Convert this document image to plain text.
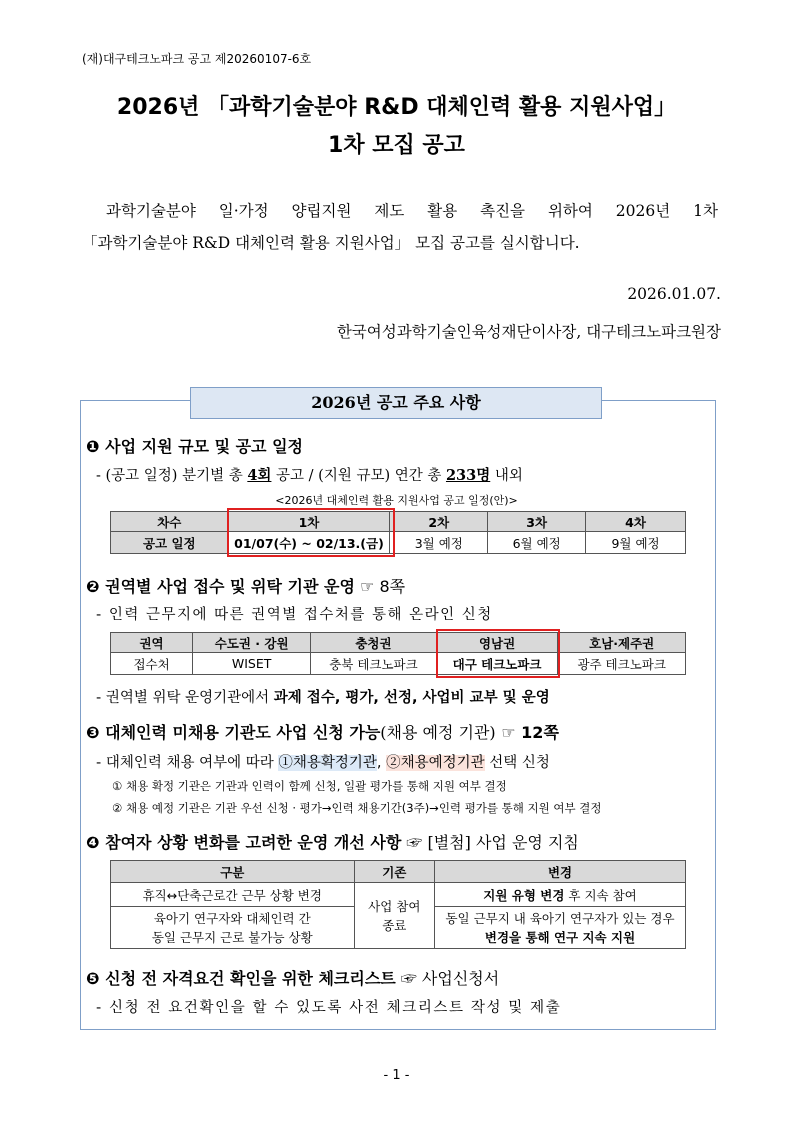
(재)대구테크노파크 공고 제20260107-6호
2026년 「과학기술분야 R&D 대체인력 활용 지원사업」
1차 모집 공고
과학기술분야 일·가정 양립지원 제도 활용 촉진을 위하여 2026년 1차
「과학기술분야 R&D 대체인력 활용 지원사업」 모집 공고를 실시합니다.
2026.01.07.
한국여성과학기술인육성재단이사장, 대구테크노파크원장
2026년 공고 주요 사항
❶ 사업 지원 규모 및 공고 일정
- (공고 일정) 분기별 총 4회 공고 / (지원 규모) 연간 총 233명 내외
<2026년 대체인력 활용 지원사업 공고 일정(안)>
차수	1차	2차	3차	4차
공고 일정	01/07(수) ~ 02/13.(금)	3월 예정	6월 예정	9월 예정
❷ 권역별 사업 접수 및 위탁 기관 운영 ☞ 8쪽
- 인력 근무지에 따른 권역별 접수처를 통해 온라인 신청
권역	수도권 · 강원	충청권	영남권	호남·제주권
접수처	WISET	충북 테크노파크	대구 테크노파크	광주 테크노파크
- 권역별 위탁 운영기관에서 과제 접수, 평가, 선정, 사업비 교부 및 운영
❸ 대체인력 미채용 기관도 사업 신청 가능(채용 예정 기관) ☞ 12쪽
- 대체인력 채용 여부에 따라 ①채용확정기관, ②채용예정기관 선택 신청
① 채용 확정 기관은 기관과 인력이 함께 신청, 일괄 평가를 통해 지원 여부 결정
② 채용 예정 기관은 기관 우선 신청 · 평가→인력 채용기간(3주)→인력 평가를 통해 지원 여부 결정
❹ 참여자 상황 변화를 고려한 운영 개선 사항 ☞ [별첨] 사업 운영 지침
구분	기존	변경
휴직↔단축근로간 근무 상황 변경	사업 참여 종료	지원 유형 변경 후 지속 참여
육아기 연구자와 대체인력 간 동일 근무지 근로 불가능 상황		동일 근무지 내 육아기 연구자가 있는 경우 변경을 통해 연구 지속 지원
❺ 신청 전 자격요건 확인을 위한 체크리스트 ☞ 사업신청서
- 신청 전 요건확인을 할 수 있도록 사전 체크리스트 작성 및 제출
- 1 -
